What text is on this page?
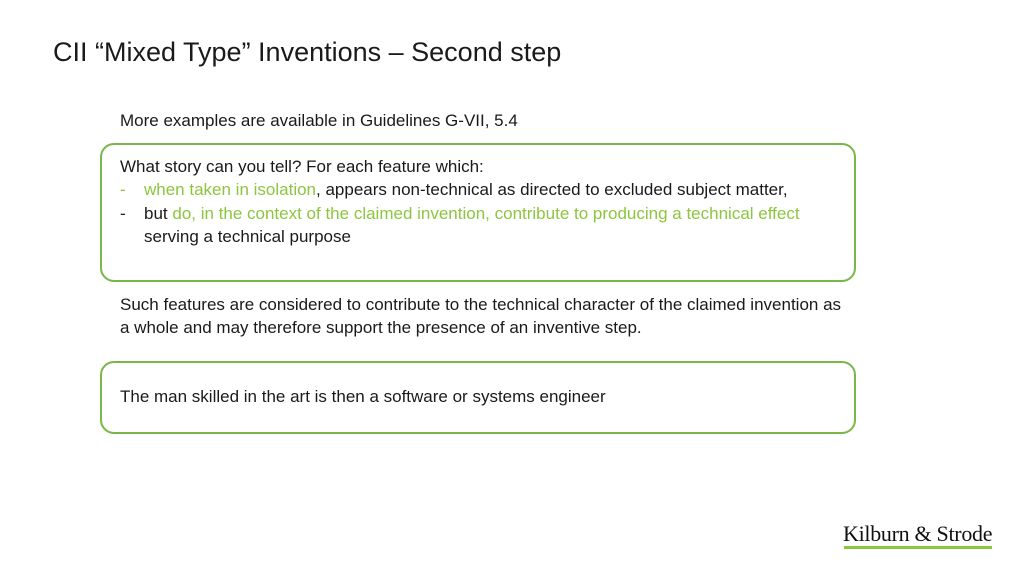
CII “Mixed Type” Inventions – Second step
More examples are available in Guidelines G-VII, 5.4
What story can you tell? For each feature which:
- when taken in isolation, appears non-technical as directed to excluded subject matter,
- but do, in the context of the claimed invention, contribute to producing a technical effect serving a technical purpose
Such features are considered to contribute to the technical character of the claimed invention as a whole and may therefore support the presence of an inventive step.
The man skilled in the art is then a software or systems engineer
Kilburn & Strode
